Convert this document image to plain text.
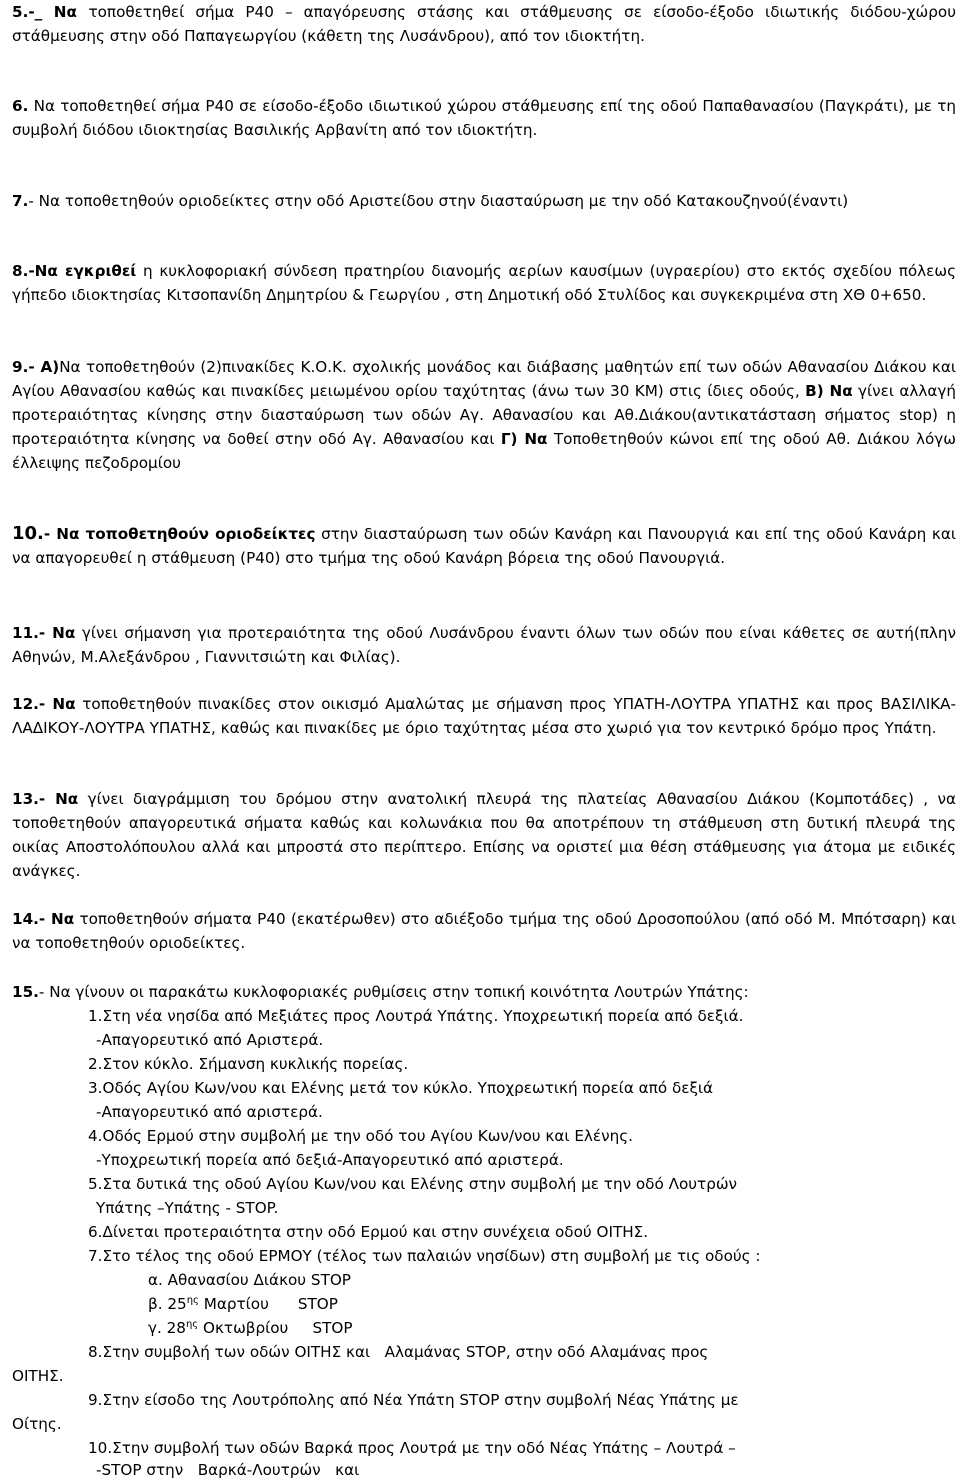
5.-_ Να τοποθετηθεί σήμα Ρ40 – απαγόρευσης στάσης και στάθμευσης σε είσοδο-έξοδο ιδιωτικής διόδου-χώρου στάθμευσης στην οδό Παπαγεωργίου (κάθετη της Λυσάνδρου), από τον ιδιοκτήτη.

6. Να τοποθετηθεί σήμα Ρ40 σε είσοδο-έξοδο ιδιωτικού χώρου στάθμευσης επί της οδού Παπαθανασίου (Παγκράτι), με τη συμβολή διόδου ιδιοκτησίας Βασιλικής Αρβανίτη από τον ιδιοκτήτη.

7.- Να τοποθετηθούν οριοδείκτες στην οδό Αριστείδου στην διασταύρωση με την οδό Κατακουζηνού(έναντι)

8.-Να εγκριθεί η κυκλοφοριακή σύνδεση πρατηρίου διανομής αερίων καυσίμων (υγραερίου) στο εκτός σχεδίου πόλεως γήπεδο ιδιοκτησίας Κιτσοπανίδη Δημητρίου & Γεωργίου , στη Δημοτική οδό Στυλίδος και συγκεκριμένα στη ΧΘ 0+650.

9.- Α)Να τοποθετηθούν (2)πινακίδες Κ.Ο.Κ. σχολικής μονάδος και διάβασης μαθητών επί των οδών Αθανασίου Διάκου και Αγίου Αθανασίου καθώς και πινακίδες μειωμένου ορίου ταχύτητας (άνω των 30 ΚΜ) στις ίδιες οδούς, Β) Να γίνει αλλαγή προτεραιότητας κίνησης στην διασταύρωση των οδών Αγ. Αθανασίου και Αθ.Διάκου(αντικατάσταση σήματος stop) η προτεραιότητα κίνησης να δοθεί στην οδό Αγ. Αθανασίου και Γ) Να Τοποθετηθούν κώνοι επί της οδού Αθ. Διάκου λόγω έλλειψης πεζοδρομίου

10.- Να τοποθετηθούν οριοδείκτες στην διασταύρωση των οδών Κανάρη και Πανουργιά και επί της οδού Κανάρη και να απαγορευθεί η στάθμευση (Ρ40) στο τμήμα της οδού Κανάρη βόρεια της οδού Πανουργιά.

11.- Να γίνει σήμανση για προτεραιότητα της οδού Λυσάνδρου έναντι όλων των οδών που είναι κάθετες σε αυτή(πλην Αθηνών, Μ.Αλεξάνδρου , Γιαννιτσιώτη και Φιλίας).

12.- Να τοποθετηθούν πινακίδες στον οικισμό Αμαλώτας με σήμανση προς ΥΠΑΤΗ-ΛΟΥΤΡΑ ΥΠΑΤΗΣ και προς ΒΑΣΙΛΙΚΑ-ΛΑΔΙΚΟΥ-ΛΟΥΤΡΑ ΥΠΑΤΗΣ, καθώς και πινακίδες με όριο ταχύτητας μέσα στο χωριό για τον κεντρικό δρόμο προς Υπάτη.

13.- Να γίνει διαγράμμιση του δρόμου στην ανατολική πλευρά της πλατείας Αθανασίου Διάκου (Κομποτάδες) , να τοποθετηθούν απαγορευτικά σήματα καθώς και κολωνάκια που θα αποτρέπουν τη στάθμευση στη δυτική πλευρά της οικίας Αποστολόπουλου αλλά και μπροστά στο περίπτερο. Επίσης να οριστεί μια θέση στάθμευσης για άτομα με ειδικές ανάγκες.

14.- Να τοποθετηθούν σήματα Ρ40 (εκατέρωθεν) στο αδιέξοδο τμήμα της οδού Δροσοπούλου (από οδό Μ. Μπότσαρη) και να τοποθετηθούν οριοδείκτες.

15.- Να γίνουν οι παρακάτω κυκλοφοριακές ρυθμίσεις στην τοπική κοινότητα Λουτρών Υπάτης:

1.Στη νέα νησίδα από Μεξιάτες προς Λουτρά Υπάτης. Υποχρεωτική πορεία από δεξιά.

-Απαγορευτικό από Αριστερά.

2.Στον κύκλο. Σήμανση κυκλικής πορείας.

3.Οδός Αγίου Κων/νου και Ελένης μετά τον κύκλο. Υποχρεωτική πορεία από δεξιά

-Απαγορευτικό από αριστερά.

4.Οδός Ερμού στην συμβολή με την οδό του Αγίου Κων/νου και Ελένης.

-Υποχρεωτική πορεία από δεξιά-Απαγορευτικό από αριστερά.

5.Στα δυτικά της οδού Αγίου Κων/νου και Ελένης στην συμβολή με την οδό Λουτρών

Υπάτης –Υπάτης - STOP.

6.Δίνεται προτεραιότητα στην οδό Ερμού και στην συνέχεια οδού ΟΙΤΗΣ.

7.Στο τέλος της οδού ΕΡΜΟΥ (τέλος των παλαιών νησίδων) στη συμβολή με τις οδούς :

α. Αθανασίου Διάκου STOP

β. $25^{\eta\varsigma}$ Μαρτίου      STOP

γ. $28^{\eta\varsigma}$ Οκτωβρίου     STOP

8.Στην συμβολή των οδών ΟΙΤΗΣ και   Αλαμάνας STOP, στην οδό Αλαμάνας προς

ΟΙΤΗΣ.

9.Στην είσοδο της Λουτρόπολης από Νέα Υπάτη STOP στην συμβολή Νέας Υπάτης με

Οίτης.

10.Στην συμβολή των οδών Βαρκά προς Λουτρά με την οδό Νέας Υπάτης – Λουτρά –

-STOP στην   Βαρκά-Λουτρών   και
